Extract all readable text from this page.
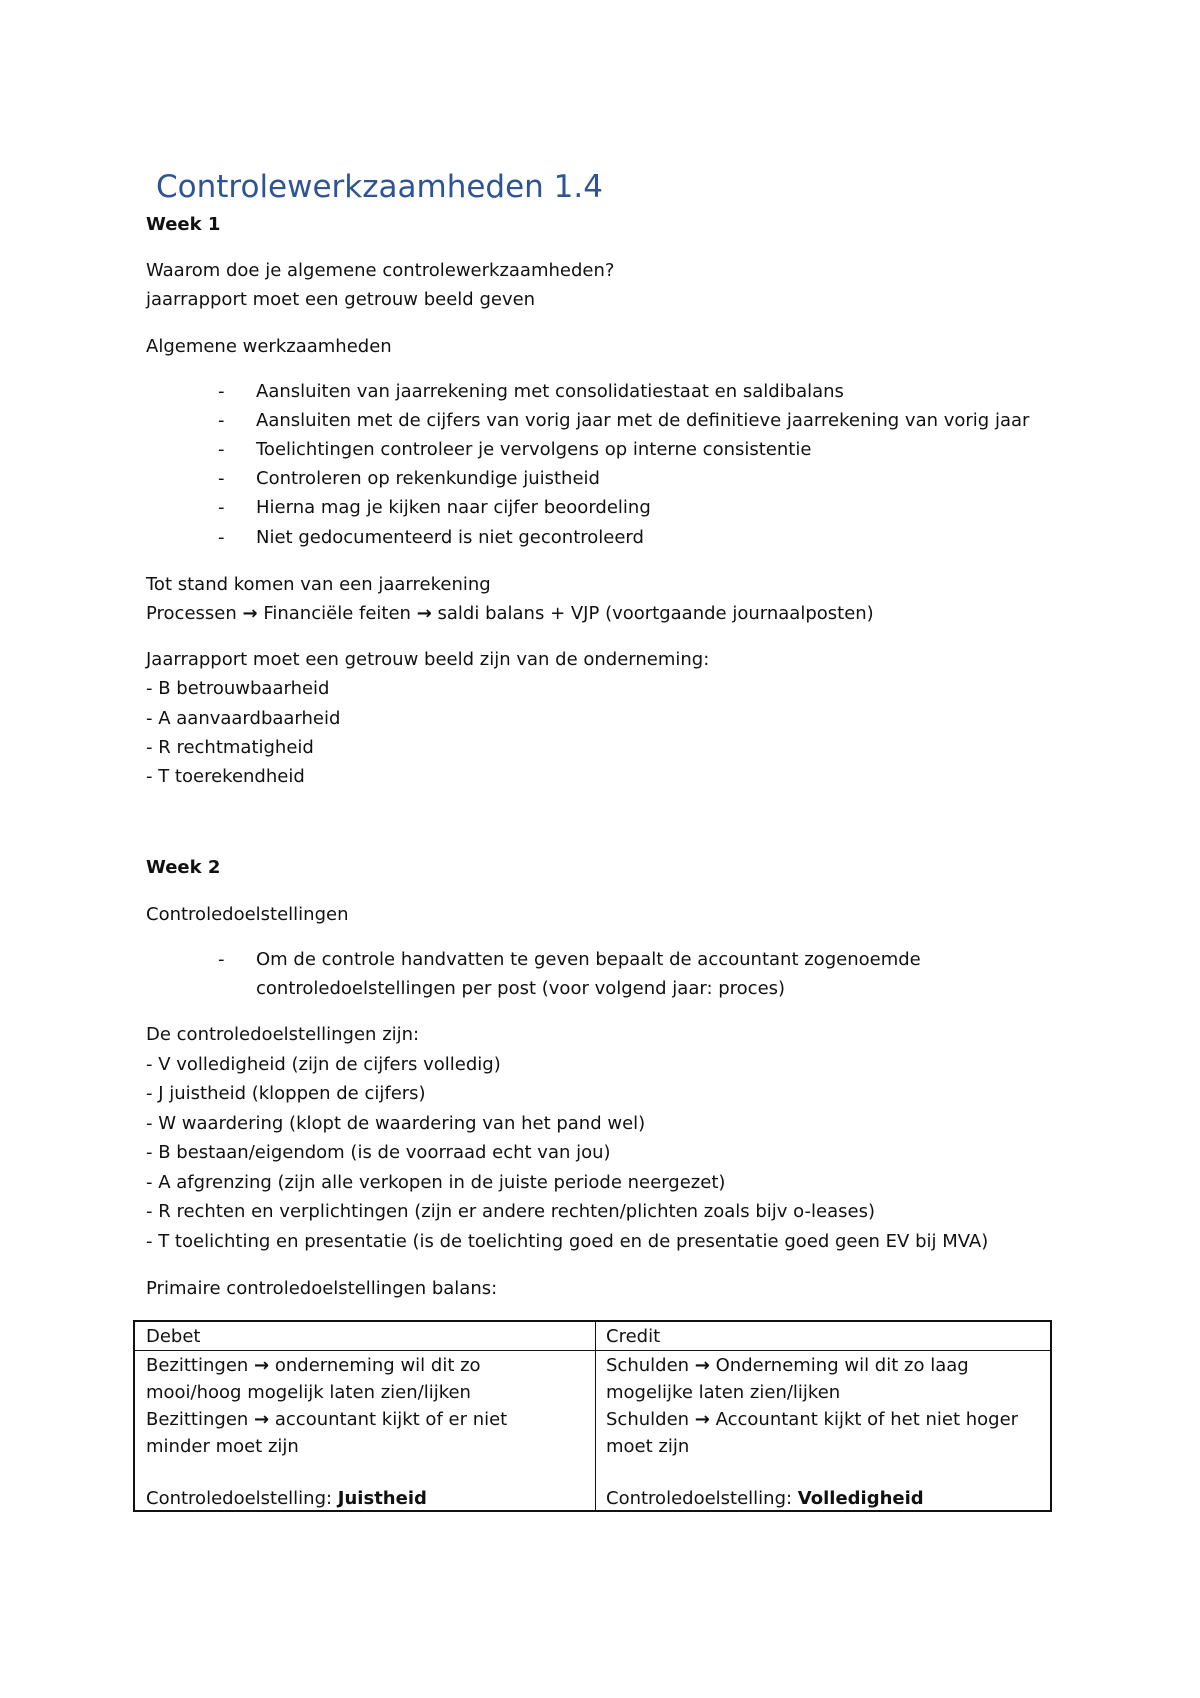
Controlewerkzaamheden 1.4
Week 1
Waarom doe je algemene controlewerkzaamheden?
jaarrapport moet een getrouw beeld geven
Algemene werkzaamheden
- Aansluiten van jaarrekening met consolidatiestaat en saldibalans
- Aansluiten met de cijfers van vorig jaar met de definitieve jaarrekening van vorig jaar
- Toelichtingen controleer je vervolgens op interne consistentie
- Controleren op rekenkundige juistheid
- Hierna mag je kijken naar cijfer beoordeling
- Niet gedocumenteerd is niet gecontroleerd
Tot stand komen van een jaarrekening
Processen → Financiële feiten → saldi balans + VJP (voortgaande journaalposten)
Jaarrapport moet een getrouw beeld zijn van de onderneming:
- B betrouwbaarheid
- A aanvaardbaarheid
- R rechtmatigheid
- T toerekendheid
Week 2
Controledoelstellingen
- Om de controle handvatten te geven bepaalt de accountant zogenoemde
controledoelstellingen per post (voor volgend jaar: proces)
De controledoelstellingen zijn:
- V volledigheid (zijn de cijfers volledig)
- J juistheid (kloppen de cijfers)
- W waardering (klopt de waardering van het pand wel)
- B bestaan/eigendom (is de voorraad echt van jou)
- A afgrenzing (zijn alle verkopen in de juiste periode neergezet)
- R rechten en verplichtingen (zijn er andere rechten/plichten zoals bijv o-leases)
- T toelichting en presentatie (is de toelichting goed en de presentatie goed geen EV bij MVA)
Primaire controledoelstellingen balans:
Debet	Credit
Bezittingen → onderneming wil dit zo
mooi/hoog mogelijk laten zien/lijken
Bezittingen → accountant kijkt of er niet
minder moet zijn
Controledoelstelling: Juistheid
Schulden → Onderneming wil dit zo laag
mogelijke laten zien/lijken
Schulden → Accountant kijkt of het niet hoger
moet zijn
Controledoelstelling: Volledigheid
